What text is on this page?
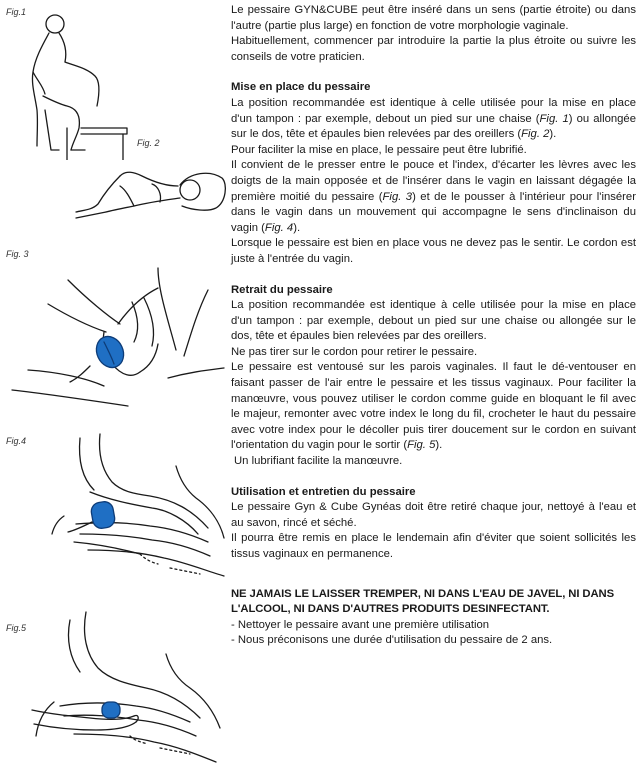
Fig.1
Fig. 2
Fig. 3
Fig.4
Fig.5

Le pessaire GYN&CUBE peut être inséré dans un sens (partie étroite) ou dans l'autre (partie plus large) en fonction de votre morphologie vaginale.

Habituellement, commencer par introduire la partie la plus étroite ou suivre les conseils de votre praticien.

Mise en place du pessaire

La position recommandée est identique à celle utilisée pour la mise en place d'un tampon : par exemple, debout un pied sur une chaise (Fig. 1) ou allongée sur le dos, tête et épaules bien relevées par des oreillers (Fig. 2).

Pour faciliter la mise en place, le pessaire peut être lubrifié.

Il convient de le presser entre le pouce et l'index, d'écarter les lèvres avec les doigts de la main opposée et de l'insérer dans le vagin en laissant dégagée la première moitié du pessaire (Fig. 3) et de le pousser à l'intérieur pour l'insérer dans le vagin dans un mouvement qui accompagne le sens d'inclinaison du vagin (Fig. 4).

Lorsque le pessaire est bien en place vous ne devez pas le sentir. Le cordon est juste à l'entrée du vagin.

Retrait du pessaire

La position recommandée est identique à celle utilisée pour la mise en place d'un tampon : par exemple, debout un pied sur une chaise ou allongée sur le dos, tête et épaules bien relevées par des oreillers.

Ne pas tirer sur le cordon pour retirer le pessaire.

Le pessaire est ventousé sur les parois vaginales. Il faut le dé-ventouser en faisant passer de l'air entre le pessaire et les tissus vaginaux. Pour faciliter la manœuvre, vous pouvez utiliser le cordon comme guide en bloquant le fil avec le majeur, remonter avec votre index le long du fil, crocheter le haut du pessaire avec votre index pour le décoller puis tirer doucement sur le cordon en suivant l'orientation du vagin pour le sortir (Fig. 5).

Un lubrifiant facilite la manœuvre.

Utilisation et entretien du pessaire

Le pessaire Gyn & Cube Gynéas doit être retiré chaque jour, nettoyé à l'eau et au savon, rincé et séché.

Il pourra être remis en place le lendemain afin d'éviter que soient sollicités les tissus vaginaux en permanence.

NE JAMAIS LE LAISSER TREMPER, NI DANS L'EAU DE JAVEL, NI DANS L'ALCOOL, NI DANS D'AUTRES PRODUITS DESINFECTANT.

- Nettoyer le pessaire avant une première utilisation

- Nous préconisons une durée d'utilisation du pessaire de 2 ans.
